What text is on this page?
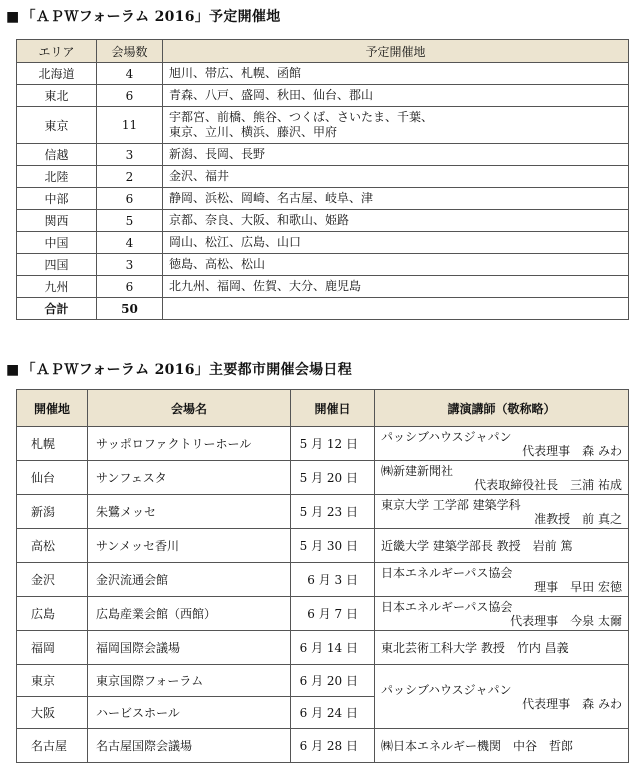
■ 「ＡＰＷフォーラム 2016」予定開催地
エリア	会場数	予定開催地
北海道	4	旭川、帯広、札幌、函館

東北	6	青森、八戸、盛岡、秋田、仙台、郡山

東京	11	宇都宮、前橋、熊谷、つくば、さいたま、千葉、
東京、立川、横浜、藤沢、甲府

信越	3	新潟、長岡、長野

北陸	2	金沢、福井

中部	6	静岡、浜松、岡崎、名古屋、岐阜、津

関西	5	京都、奈良、大阪、和歌山、姫路

中国	4	岡山、松江、広島、山口

四国	3	徳島、高松、松山

九州	6	北九州、福岡、佐賀、大分、鹿児島

合計	50	
■ 「ＡＰＷフォーラム 2016」主要都市開催会場日程
開催地	会場名	開催日	講演講師（敬称略）
札幌	サッポロファクトリーホール	5 月 12 日	パッシブハウスジャパン
代表理事　森 みわ

仙台	サンフェスタ	5 月 20 日	㈱新建新聞社
代表取締役社長　三浦 祐成

新潟	朱鷺メッセ	5 月 23 日	東京大学 工学部 建築学科
准教授　前 真之

高松	サンメッセ香川	5 月 30 日	近畿大学 建築学部長 教授　岩前 篤

金沢	金沢流通会館	6 月 3 日	日本エネルギーパス協会
理事　早田 宏徳

広島	広島産業会館（西館）	6 月 7 日	日本エネルギーパス協会
代表理事　今泉 太爾

福岡	福岡国際会議場	6 月 14 日	東北芸術工科大学 教授　竹内 昌義

東京	東京国際フォーラム	6 月 20 日	パッシブハウスジャパン
代表理事　森 みわ

大阪	ハービスホール	6 月 24 日	
名古屋	名古屋国際会議場	6 月 28 日	㈱日本エネルギー機関　中谷　哲郎
